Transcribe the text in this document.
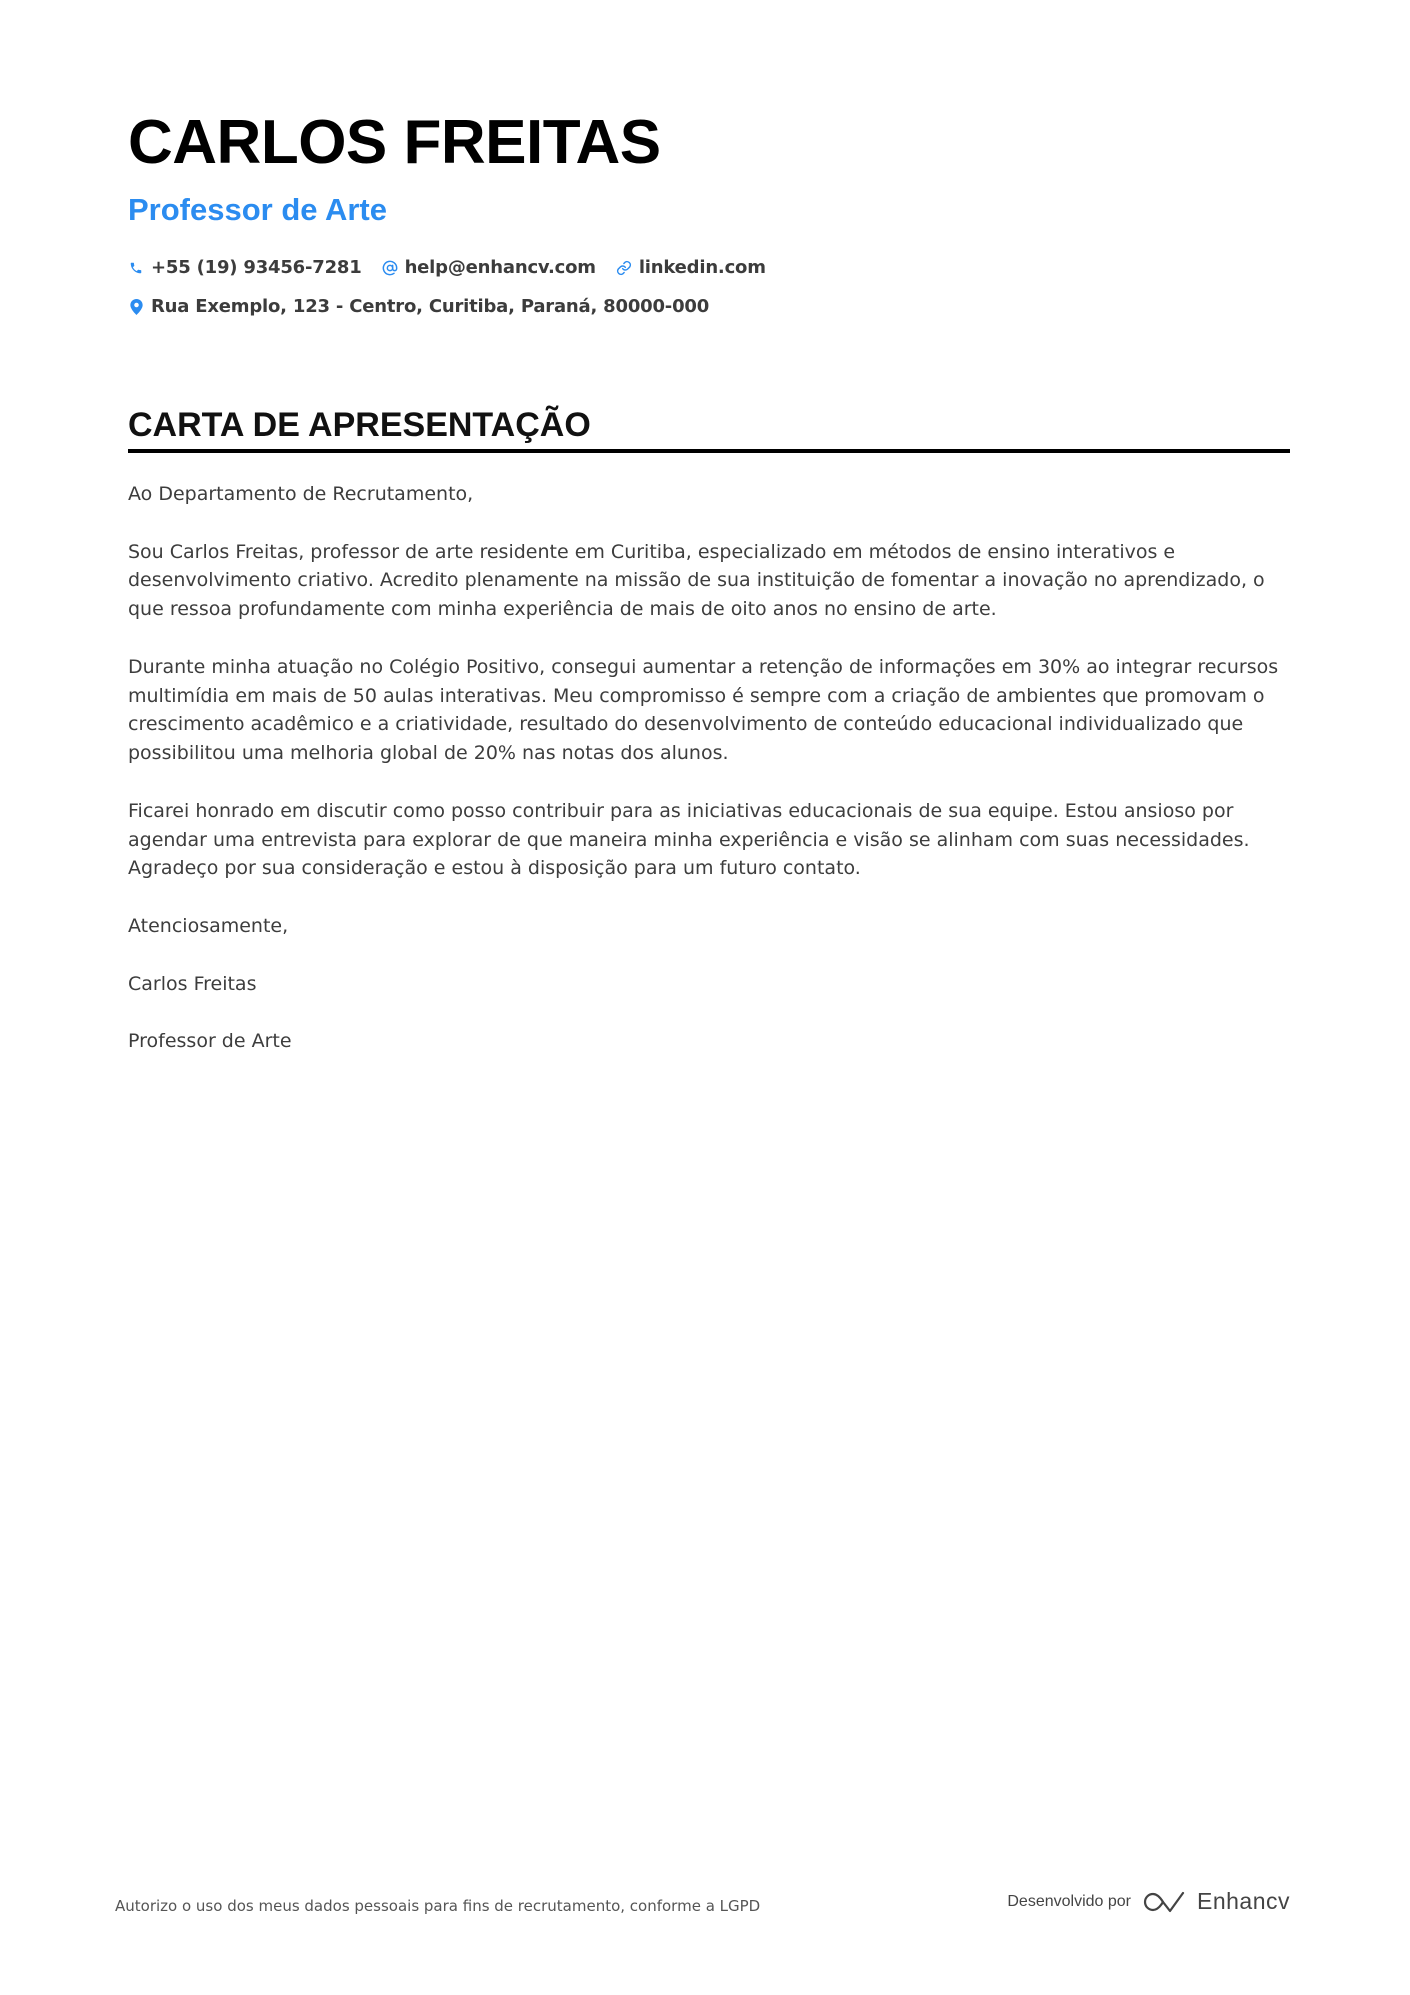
CARLOS FREITAS
Professor de Arte
+55 (19) 93456-7281 help@enhancv.com linkedin.com
Rua Exemplo, 123 - Centro, Curitiba, Paraná, 80000-000
CARTA DE APRESENTAÇÃO

Ao Departamento de Recrutamento,

Sou Carlos Freitas, professor de arte residente em Curitiba, especializado em métodos de ensino interativos e desenvolvimento criativo. Acredito plenamente na missão de sua instituição de fomentar a inovação no aprendizado, o que ressoa profundamente com minha experiência de mais de oito anos no ensino de arte.

Durante minha atuação no Colégio Positivo, consegui aumentar a retenção de informações em 30% ao integrar recursos multimídia em mais de 50 aulas interativas. Meu compromisso é sempre com a criação de ambientes que promovam o crescimento acadêmico e a criatividade, resultado do desenvolvimento de conteúdo educacional individualizado que possibilitou uma melhoria global de 20% nas notas dos alunos.

Ficarei honrado em discutir como posso contribuir para as iniciativas educacionais de sua equipe. Estou ansioso por agendar uma entrevista para explorar de que maneira minha experiência e visão se alinham com suas necessidades. Agradeço por sua consideração e estou à disposição para um futuro contato.

Atenciosamente,

Carlos Freitas

Professor de Arte

Autorizo o uso dos meus dados pessoais para fins de recrutamento, conforme a LGPD	Desenvolvido por	Enhancv
